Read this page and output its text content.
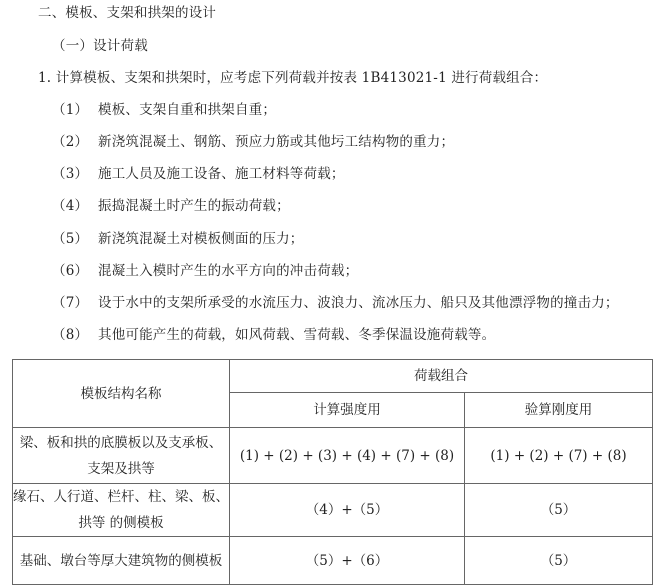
二、模板、支架和拱架的设计
（一）设计荷载
1. 计算模板、支架和拱架时，应考虑下列荷载并按表 1B413021-1 进行荷载组合：
（1） 模板、支架自重和拱架自重；
（2） 新浇筑混凝土、钢筋、预应力筋或其他圬工结构物的重力；
（3） 施工人员及施工设备、施工材料等荷载；
（4） 振捣混凝土时产生的振动荷载；
（5） 新浇筑混凝土对模板侧面的压力；
（6） 混凝土入模时产生的水平方向的冲击荷载；
（7） 设于水中的支架所承受的水流压力、波浪力、流冰压力、船只及其他漂浮物的撞击力；
（8） 其他可能产生的荷载，如风荷载、雪荷载、冬季保温设施荷载等。
模板结构名称	荷载组合	
	计算强度用	验算刚度用

梁、板和拱的底膜板以及支承板、
支架及拱等	(1) + (2) + (3) + (4) + (7) + (8)	(1) + (2) + (7) + (8)

缘石、人行道、栏杆、柱、梁、板、
拱等 的侧模板	（4）+（5）	（5）
基础、墩台等厚大建筑物的侧模板	（5）+（6）	（5）
